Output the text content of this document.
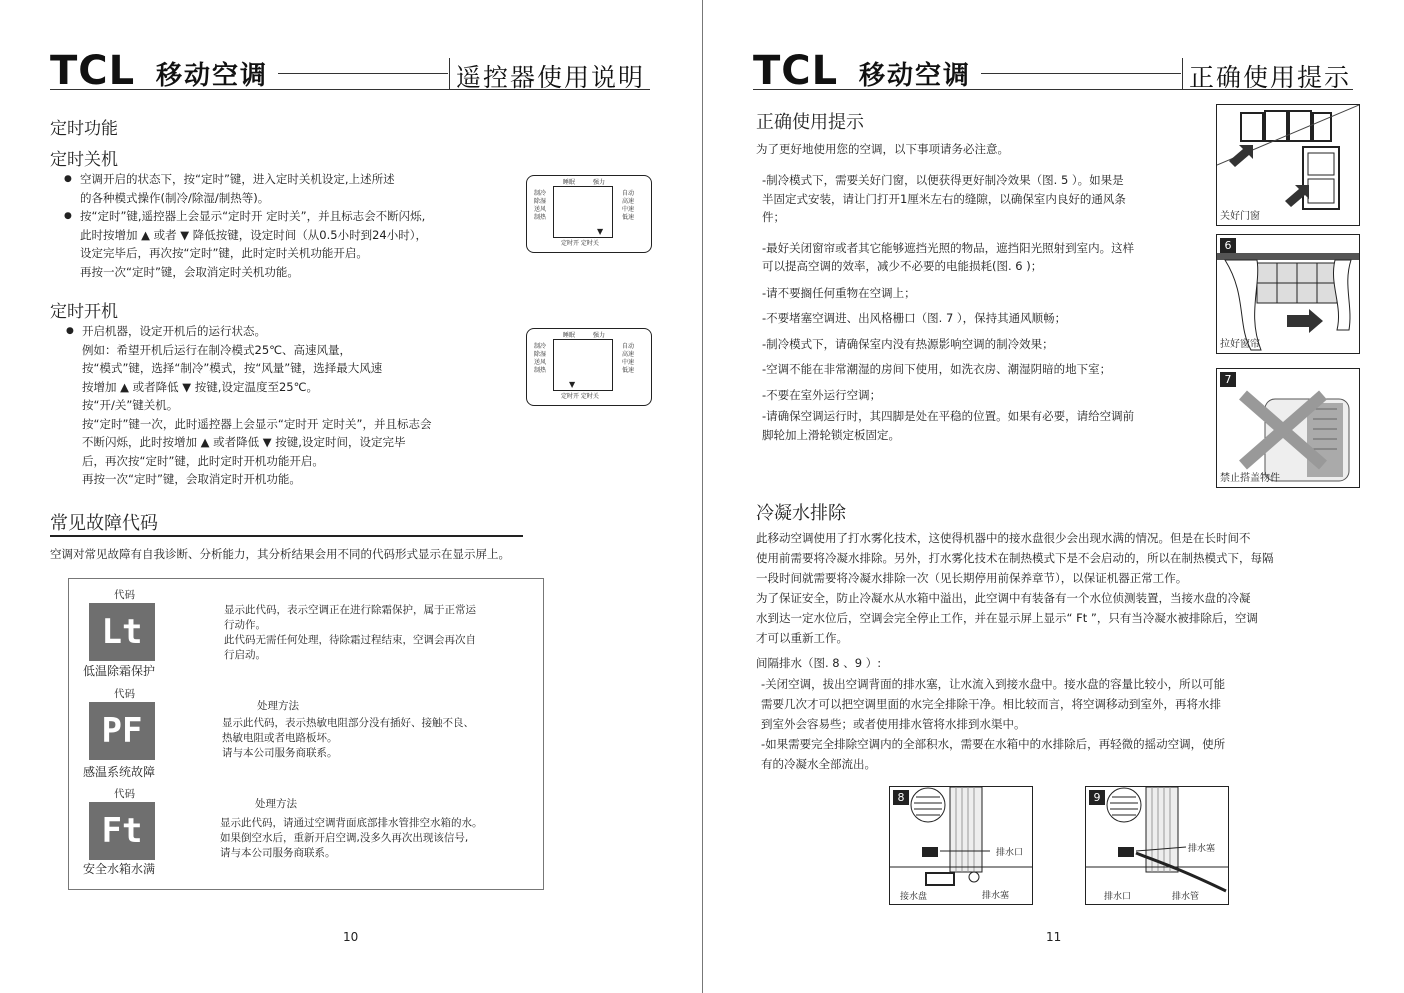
TCL 移动空调	遥控器使用说明
定时功能
定时关机
● 空调开启的状态下，按“定时”键，进入定时关机设定,上述所述
的各种模式操作(制冷/除湿/制热等)。
● 按“定时”键,遥控器上会显示“定时开 定时关”，并且标志会不断闪烁,
此时按增加 ▲ 或者 ▼ 降低按键，设定时间（从0.5小时到24小时），
设定完毕后，再次按“定时”键，此时定时关机功能开启。
再按一次“定时”键，会取消定时关机功能。
睡眠	强力
制冷
除湿
送风
制热
自动
高速
中速
低速
▼
定时开 定时关
定时开机
● 开启机器，设定开机后的运行状态。
例如：希望开机后运行在制冷模式25℃、高速风量，
按“模式”键，选择“制冷”模式，按“风量”键，选择最大风速
按增加 ▲ 或者降低 ▼ 按键,设定温度至25℃。
按“开/关”键关机。
按“定时”键一次，此时遥控器上会显示“定时开 定时关”，并且标志会
不断闪烁，此时按增加 ▲ 或者降低 ▼ 按键,设定时间，设定完毕
后，再次按“定时”键，此时定时开机功能开启。
再按一次“定时”键，会取消定时开机功能。
睡眠	强力
制冷
除湿
送风
制热
自动
高速
中速
低速
▼
定时开 定时关
常见故障代码
空调对常见故障有自我诊断、分析能力，其分析结果会用不同的代码形式显示在显示屏上。
代码
Lt
低温除霜保护
显示此代码，表示空调正在进行除霜保护，属于正常运
行动作。
此代码无需任何处理，待除霜过程结束，空调会再次自
行启动。
代码
PF
感温系统故障
处理方法
显示此代码，表示热敏电阻部分没有插好、接触不良、
热敏电阻或者电路板坏。
请与本公司服务商联系。
代码
Ft
安全水箱水满
处理方法
显示此代码，请通过空调背面底部排水管排空水箱的水。
如果倒空水后，重新开启空调,没多久再次出现该信号,
请与本公司服务商联系。
10
TCL 移动空调	正确使用提示
正确使用提示
为了更好地使用您的空调，以下事项请务必注意。
-制冷模式下，需要关好门窗，以便获得更好制冷效果（图. 5 ）。如果是
半固定式安装，请让门打开1厘米左右的缝隙，以确保室内良好的通风条
件；
-最好关闭窗帘或者其它能够遮挡光照的物品，遮挡阳光照射到室内。这样
可以提高空调的效率，减少不必要的电能损耗(图. 6 )；
-请不要搁任何重物在空调上；
-不要堵塞空调进、出风格栅口（图. 7 ），保持其通风顺畅；
-制冷模式下，请确保室内没有热源影响空调的制冷效果；
-空调不能在非常潮湿的房间下使用，如洗衣房、潮湿阴暗的地下室；
-不要在室外运行空调；
-请确保空调运行时，其四脚是处在平稳的位置。如果有必要，请给空调前
脚轮加上滑轮锁定板固定。
关好门窗
6
拉好窗帘
7
禁止搭盖物件
冷凝水排除
此移动空调使用了打水雾化技术，这使得机器中的接水盘很少会出现水满的情况。但是在长时间不
使用前需要将冷凝水排除。另外，打水雾化技术在制热模式下是不会启动的，所以在制热模式下，每隔
一段时间就需要将冷凝水排除一次（见长期停用前保养章节），以保证机器正常工作。
为了保证安全，防止冷凝水从水箱中溢出，此空调中有装备有一个水位侦测装置，当接水盘的冷凝
水到达一定水位后，空调会完全停止工作，并在显示屏上显示“ Ft ”，只有当冷凝水被排除后，空调
才可以重新工作。
间隔排水（图. 8 、9 ）:
-关闭空调，拔出空调背面的排水塞，让水流入到接水盘中。接水盘的容量比较小，所以可能
需要几次才可以把空调里面的水完全排除干净。相比较而言，将空调移动到室外，再将水排
到室外会容易些；或者使用排水管将水排到水渠中。
-如果需要完全排除空调内的全部积水，需要在水箱中的水排除后，再轻微的摇动空调，使所
有的冷凝水全部流出。
8
排水口
接水盘	排水塞
9
排水塞
排水口	排水管
11
